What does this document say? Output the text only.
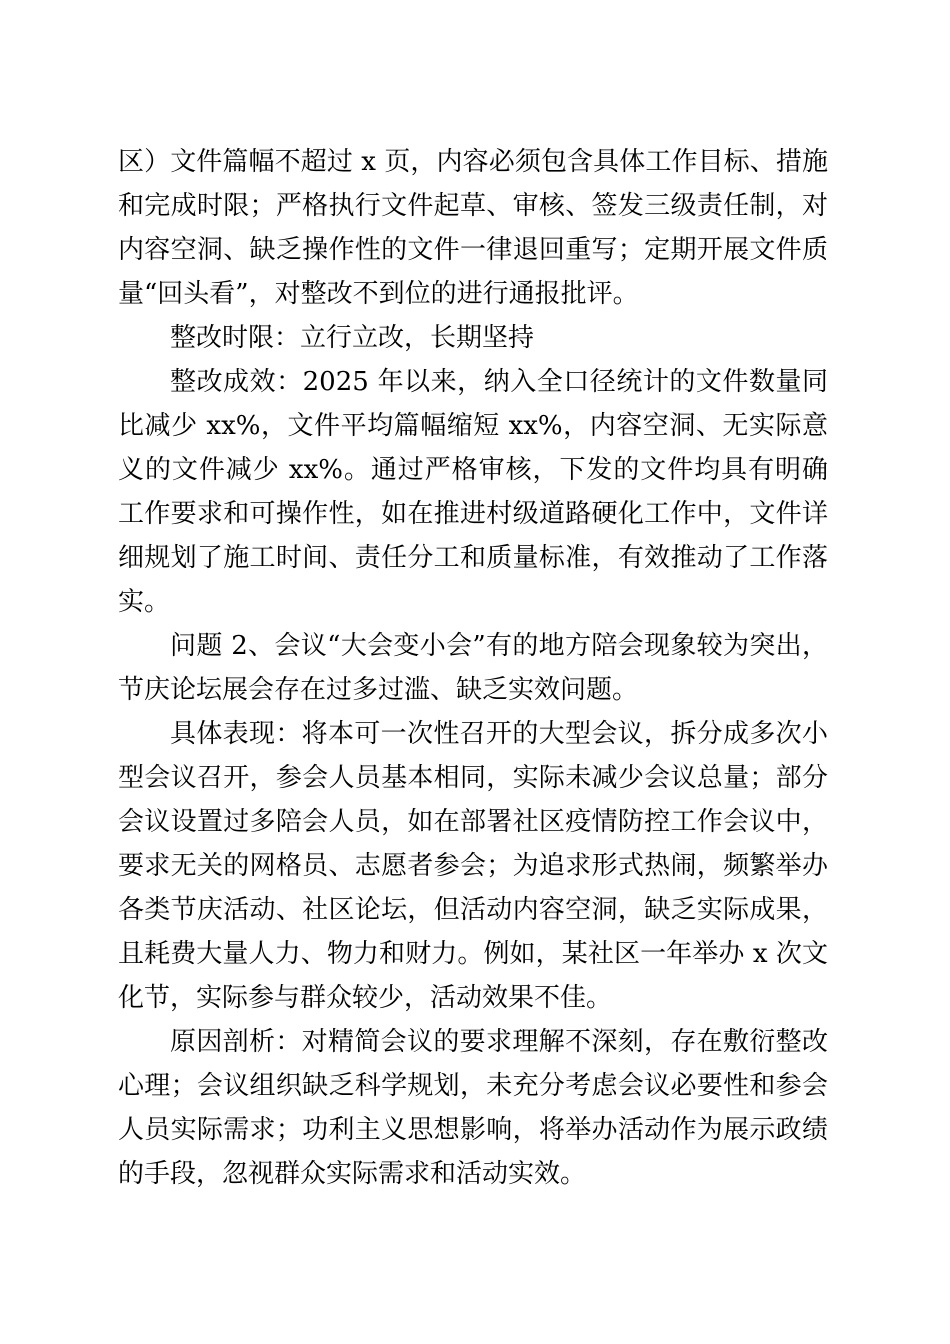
区）文件篇幅不超过 x 页，内容必须包含具体工作目标、措施和完成时限；严格执行文件起草、审核、签发三级责任制，对内容空洞、缺乏操作性的文件一律退回重写；定期开展文件质量“回头看”，对整改不到位的进行通报批评。

整改时限：立行立改，长期坚持

整改成效：2025 年以来，纳入全口径统计的文件数量同比减少 xx%，文件平均篇幅缩短 xx%，内容空洞、无实际意义的文件减少 xx%。通过严格审核，下发的文件均具有明确工作要求和可操作性，如在推进村级道路硬化工作中，文件详细规划了施工时间、责任分工和质量标准，有效推动了工作落实。

问题 2、会议“大会变小会”有的地方陪会现象较为突出，节庆论坛展会存在过多过滥、缺乏实效问题。

具体表现：将本可一次性召开的大型会议，拆分成多次小型会议召开，参会人员基本相同，实际未减少会议总量；部分会议设置过多陪会人员，如在部署社区疫情防控工作会议中，要求无关的网格员、志愿者参会；为追求形式热闹，频繁举办各类节庆活动、社区论坛，但活动内容空洞，缺乏实际成果，且耗费大量人力、物力和财力。例如，某社区一年举办 x 次文化节，实际参与群众较少，活动效果不佳。

原因剖析：对精简会议的要求理解不深刻，存在敷衍整改心理；会议组织缺乏科学规划，未充分考虑会议必要性和参会人员实际需求；功利主义思想影响，将举办活动作为展示政绩的手段，忽视群众实际需求和活动实效。
